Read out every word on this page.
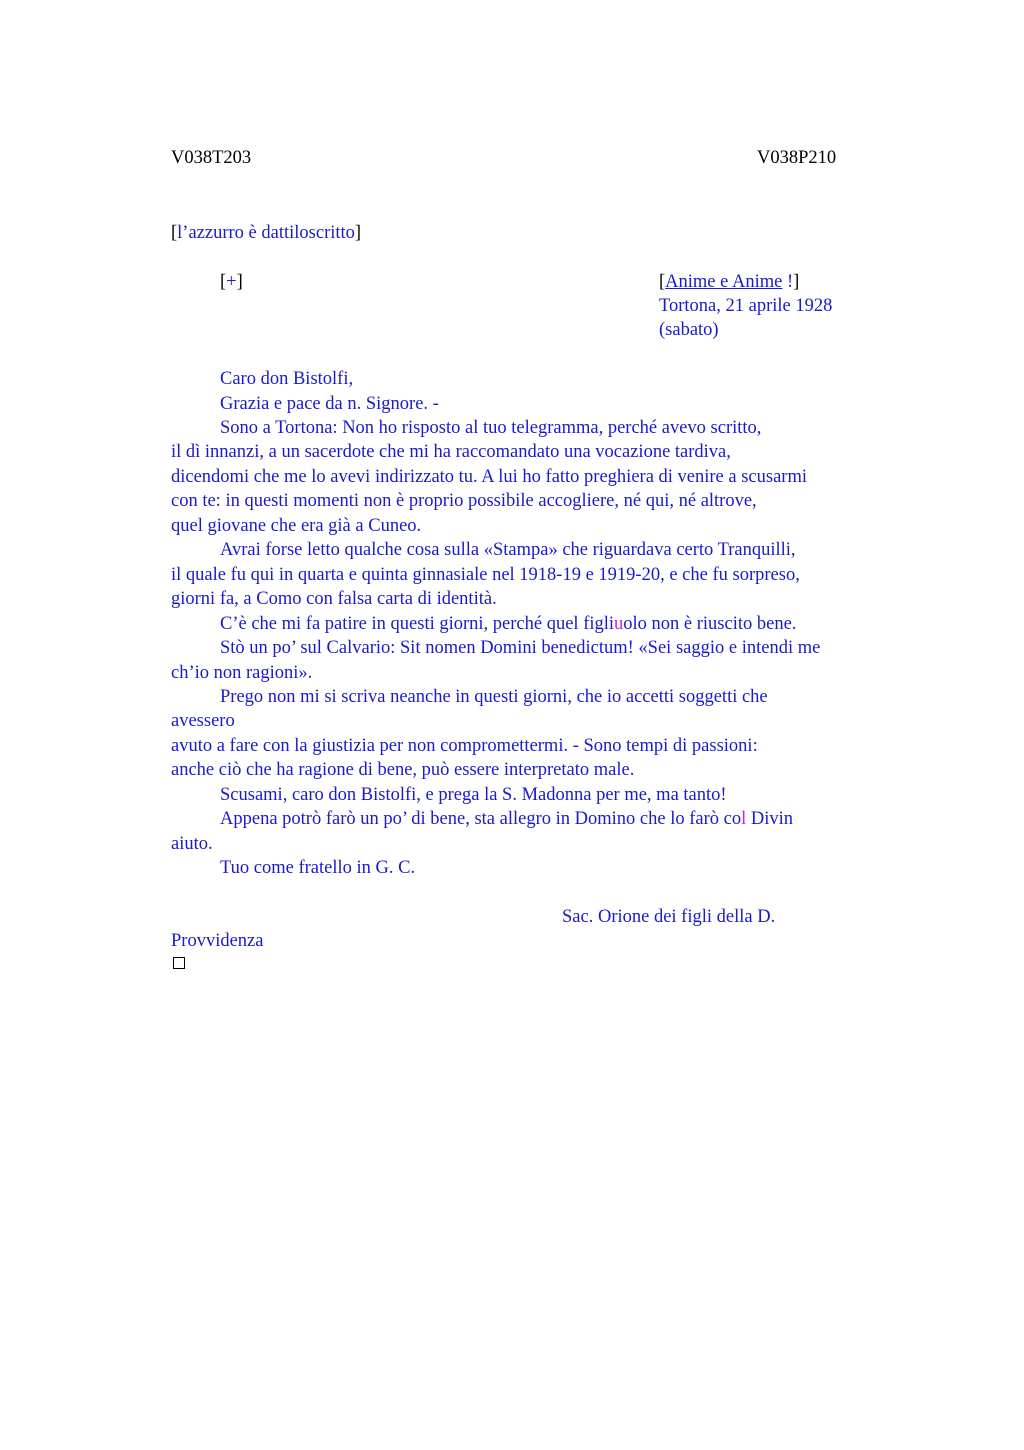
V038T203	V038P210
[l’azzurro è dattiloscritto]
[+]	[Anime e Anime !]
Tortona, 21 aprile 1928
(sabato)
Caro don Bistolfi,
Grazia e pace da n. Signore. -
Sono a Tortona: Non ho risposto al tuo telegramma, perché avevo scritto,
il dì innanzi, a un sacerdote che mi ha raccomandato una vocazione tardiva,
dicendomi che me lo avevi indirizzato tu. A lui ho fatto preghiera di venire a scusarmi
con te: in questi momenti non è proprio possibile accogliere, né qui, né altrove,
quel giovane che era già a Cuneo.
Avrai forse letto qualche cosa sulla «Stampa» che riguardava certo Tranquilli,
il quale fu qui in quarta e quinta ginnasiale nel 1918-19 e 1919-20, e che fu sorpreso,
giorni fa, a Como con falsa carta di identità.
C’è che mi fa patire in questi giorni, perché quel figliuolo non è riuscito bene.
Stò un po’ sul Calvario: Sit nomen Domini benedictum! «Sei saggio e intendi me
ch’io non ragioni».
Prego non mi si scriva neanche in questi giorni, che io accetti soggetti che
avessero
avuto a fare con la giustizia per non compromettermi. - Sono tempi di passioni:
anche ciò che ha ragione di bene, può essere interpretato male.
Scusami, caro don Bistolfi, e prega la S. Madonna per me, ma tanto!
Appena potrò farò un po’ di bene, sta allegro in Domino che lo farò col Divin
aiuto.
Tuo come fratello in G. C.
Sac. Orione dei figli della D.
Provvidenza
